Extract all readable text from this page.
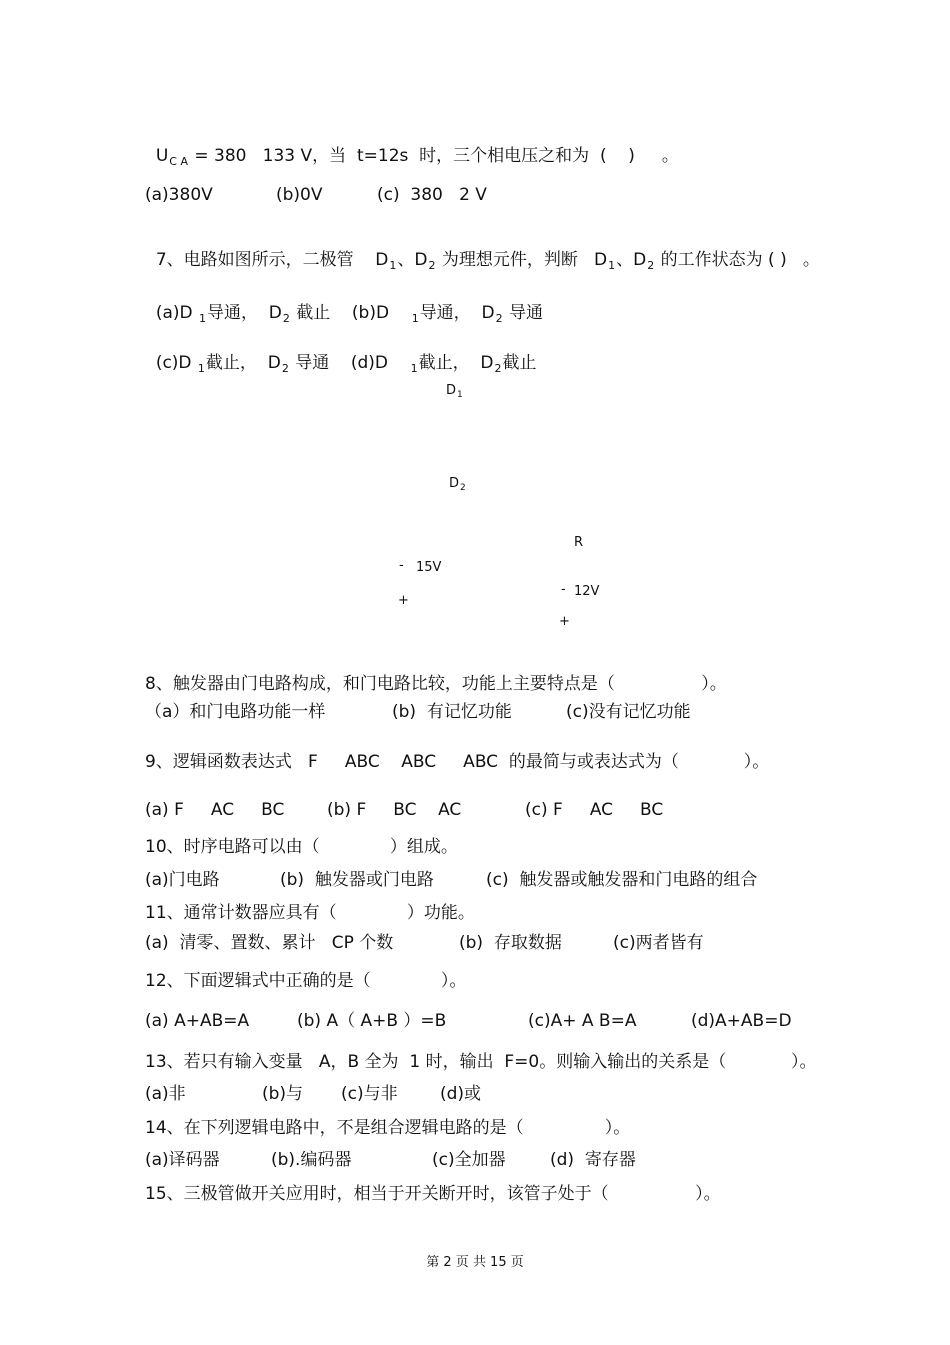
$U_{C A} = 380$   133 V，当  t=12s  时，三个相电压之和为  (    )     。

(a)380V	(b)0V	(c)  380   2 V

7、电路如图所示，二极管    $D_1$、$D_2$ 为理想元件，判断   $D_1$、$D_2$ 的工作状态为 ( )   。

(a)D $_1$导通，  $D_2$ 截止    (b)D    $_1$导通，  $D_2$ 导通

(c)D $_1$截止，  $D_2$ 导通    (d)D    $_1$截止，  $D_2$截止

$D_1$
$D_2$
R
- 15V
+
- 12V
+
8、触发器由门电路构成，和门电路比较，功能上主要特点是（                ）。
（a）和门电路功能一样	(b)  有记忆功能	(c)没有记忆功能
9、逻辑函数表达式   F     ABC    ABC     ABC  的最简与或表达式为（            ）。
(a) F     AC     BC	(b) F     BC    AC	(c) F     AC     BC
10、时序电路可以由（             ）组成。
(a)门电路	(b)  触发器或门电路	(c)  触发器或触发器和门电路的组合
11、通常计数器应具有（             ）功能。
(a)  清零、置数、累计   CP 个数	(b)  存取数据	(c)两者皆有
12、下面逻辑式中正确的是（             ）。
(a) A+AB=A	(b) A（ A+B ）=B	(c)A+ A B=A	(d)A+AB=D
13、若只有输入变量   A，B 全为  1 时，输出  F=0。则输入输出的关系是（            ）。
(a)非	(b)与 (c)与非 (d)或
14、在下列逻辑电路中，不是组合逻辑电路的是（               ）。
(a)译码器	(b).编码器	(c)全加器	(d)  寄存器
15、三极管做开关应用时，相当于开关断开时，该管子处于（                ）。
第 2 页 共 15 页
